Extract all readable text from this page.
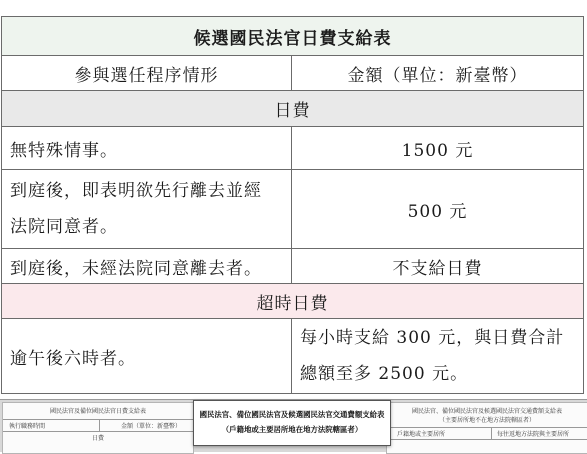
候選國民法官日費支給表	
參與選任程序情形	金額（單位：新臺幣）
日費	
無特殊情事。	1500 元

到庭後，即表明欲先行離去並經
法院同意者。	500 元
到庭後，未經法院同意離去者。	不支給日費
超時日費	
逾午後六時者。	每小時支給 300 元，與日費合計
總額至多 2500 元。
國民法官及備位國民法官日費支給表
執行職務時間	金額（單位：新臺幣）
日費
國民法官、備位國民法官及候選國民法官交通費額支給表
（主要居所地不在地方法院轄區者）
戶籍地或主要居所	每往返地方法院與主要居所
國民法官、備位國民法官及候選國民法官交通費額支給表
（戶籍地或主要居所地在地方法院轄區者）
